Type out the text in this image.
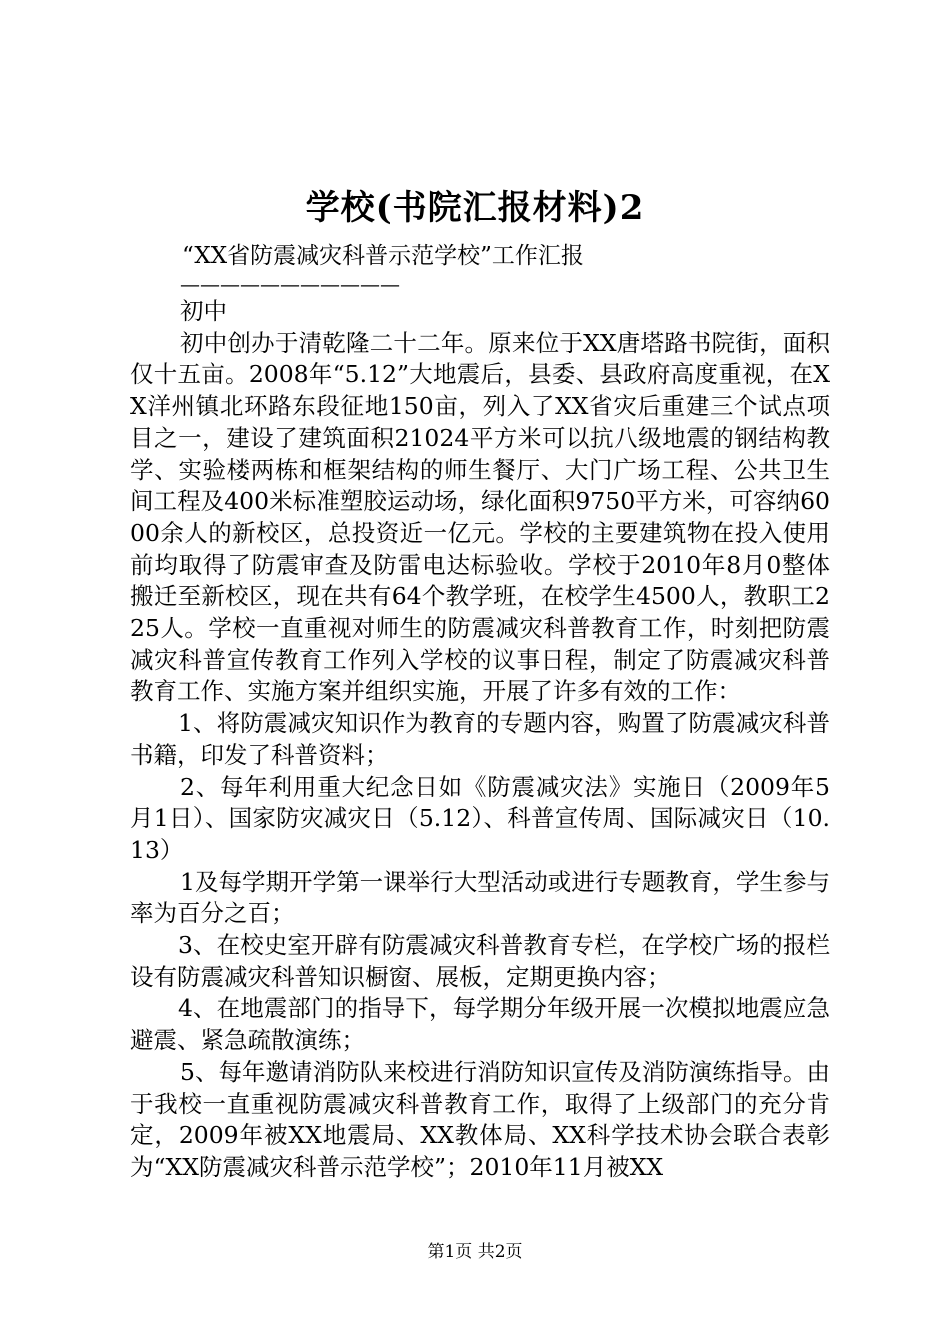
学校(书院汇报材料)2
“XX省防震减灾科普示范学校”工作汇报
———————————

初中

初中创办于清乾隆二十二年。原来位于XX唐塔路书院街，面积仅十五亩。2008年“5.12”大地震后，县委、县政府高度重视，在XX洋州镇北环路东段征地150亩，列入了XX省灾后重建三个试点项目之一，建设了建筑面积21024平方米可以抗八级地震的钢结构教学、实验楼两栋和框架结构的师生餐厅、大门广场工程、公共卫生间工程及400米标准塑胶运动场，绿化面积9750平方米，可容纳6000余人的新校区，总投资近一亿元。学校的主要建筑物在投入使用前均取得了防震审查及防雷电达标验收。学校于2010年8月0整体搬迁至新校区，现在共有64个教学班，在校学生4500人，教职工225人。学校一直重视对师生的防震减灾科普教育工作，时刻把防震减灾科普宣传教育工作列入学校的议事日程，制定了防震减灾科普教育工作、实施方案并组织实施，开展了许多有效的工作：

1、将防震减灾知识作为教育的专题内容，购置了防震减灾科普书籍，印发了科普资料；

2、每年利用重大纪念日如《防震减灾法》实施日（2009年5月1日）、国家防灾减灾日（5.12）、科普宣传周、国际减灾日（10.13）

1及每学期开学第一课举行大型活动或进行专题教育，学生参与率为百分之百；

3、在校史室开辟有防震减灾科普教育专栏，在学校广场的报栏设有防震减灾科普知识橱窗、展板，定期更换内容；

4、在地震部门的指导下，每学期分年级开展一次模拟地震应急避震、紧急疏散演练；

5、每年邀请消防队来校进行消防知识宣传及消防演练指导。由于我校一直重视防震减灾科普教育工作，取得了上级部门的充分肯定，2009年被XX地震局、XX教体局、XX科学技术协会联合表彰为“XX防震减灾科普示范学校”；2010年11月被XX

第1页 共2页
